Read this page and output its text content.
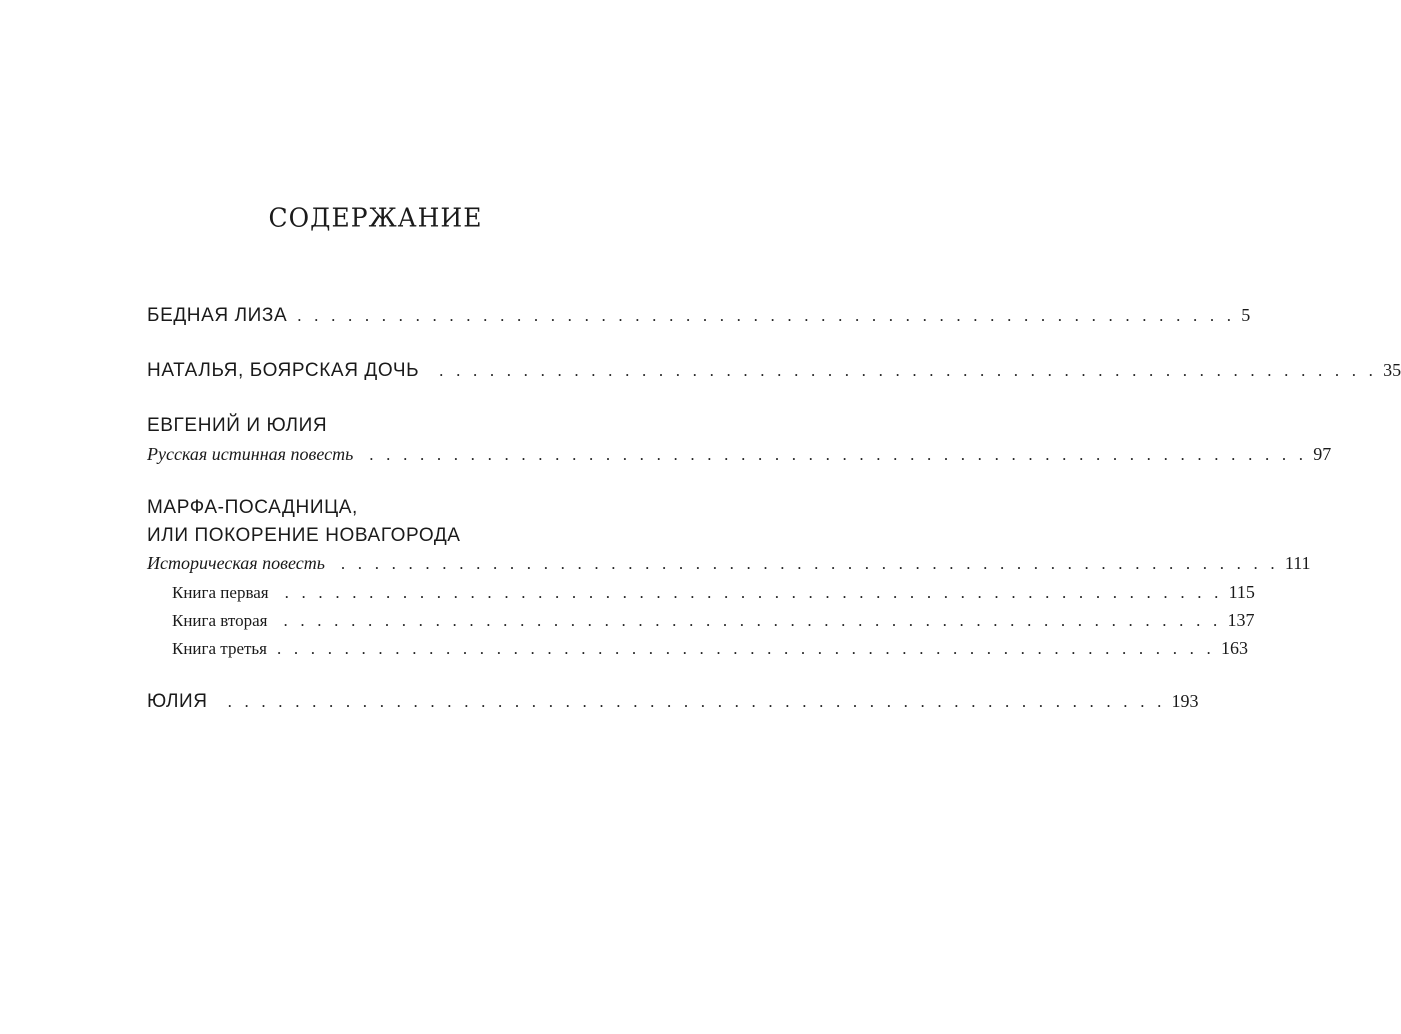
СОДЕРЖАНИЕ
БЕДНАЯ ЛИЗА . . . . . . . . . . . . . . . . . . . . . . . . . . . . . . . . . . . . . . . . . . . . . . . . . . . . . . . . 5
НАТАЛЬЯ, БОЯРСКАЯ ДОЧЬ . . . . . . . . . . . . . . . . . . . . . . . . . . . . . . . . . . . . . . . . . . . . . . . . . . . . . . . . 35
ЕВГЕНИЙ И ЮЛИЯ
Русская истинная повесть . . . . . . . . . . . . . . . . . . . . . . . . . . . . . . . . . . . . . . . . . . . . . . . . . . . . . . . . 97
МАРФА-ПОСАДНИЦА,
ИЛИ ПОКОРЕНИЕ НОВАГОРОДА
Историческая повесть . . . . . . . . . . . . . . . . . . . . . . . . . . . . . . . . . . . . . . . . . . . . . . . . . . . . . . . . 111
Книга первая . . . . . . . . . . . . . . . . . . . . . . . . . . . . . . . . . . . . . . . . . . . . . . . . . . . . . . . . 115
Книга вторая . . . . . . . . . . . . . . . . . . . . . . . . . . . . . . . . . . . . . . . . . . . . . . . . . . . . . . . . 137
Книга третья . . . . . . . . . . . . . . . . . . . . . . . . . . . . . . . . . . . . . . . . . . . . . . . . . . . . . . . . 163
ЮЛИЯ . . . . . . . . . . . . . . . . . . . . . . . . . . . . . . . . . . . . . . . . . . . . . . . . . . . . . . . . 193
